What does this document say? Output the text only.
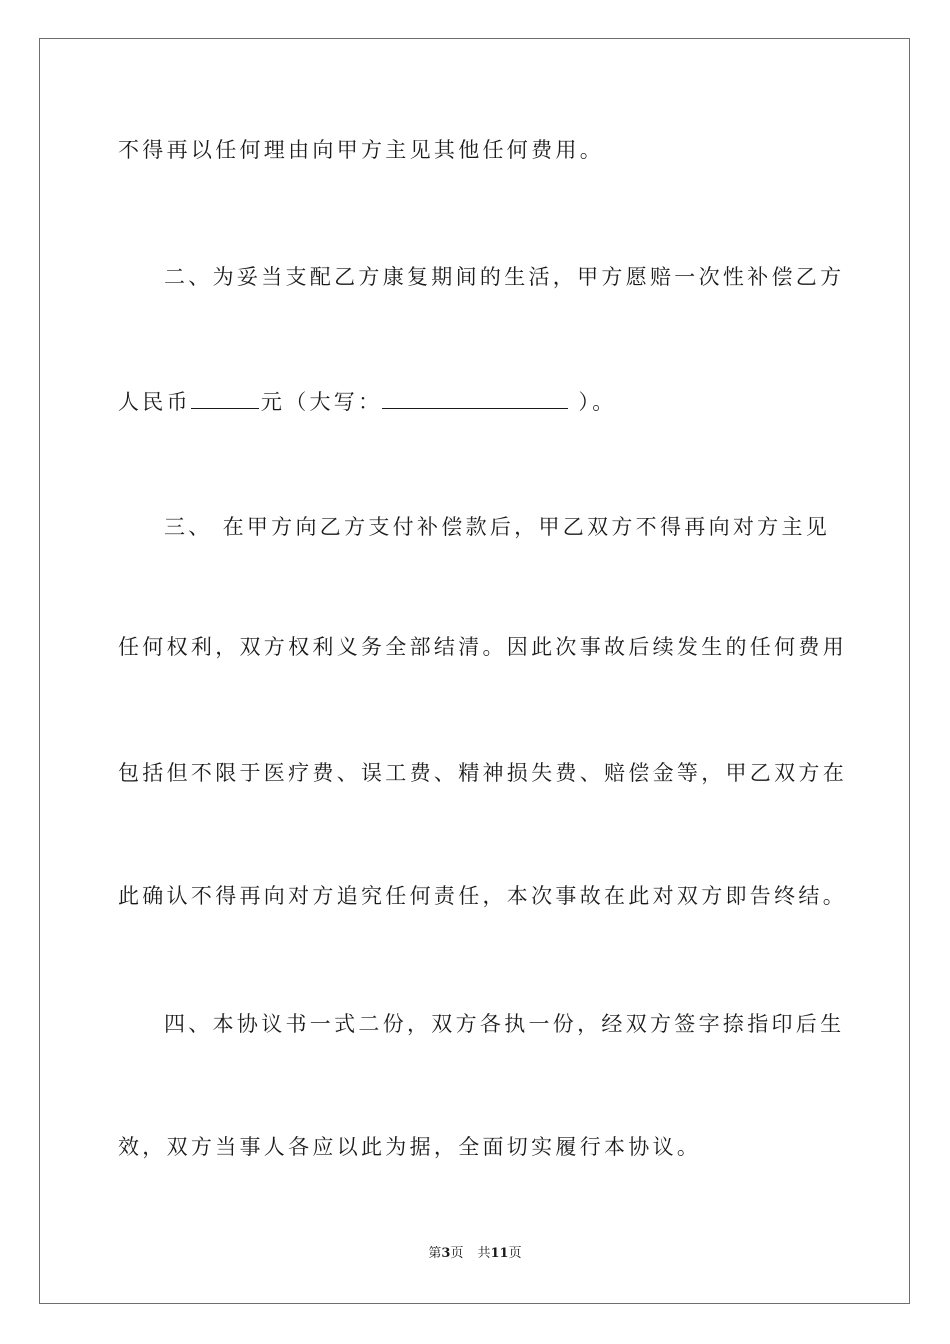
不得再以任何理由向甲方主见其他任何费用。
二、为妥当支配乙方康复期间的生活，甲方愿赔一次性补偿乙方
人民币	元（大写：	）。
三、 在甲方向乙方支付补偿款后，甲乙双方不得再向对方主见
任何权利，双方权利义务全部结清。因此次事故后续发生的任何费用
包括但不限于医疗费、误工费、精神损失费、赔偿金等，甲乙双方在
此确认不得再向对方追究任何责任，本次事故在此对双方即告终结。
四、本协议书一式二份，双方各执一份，经双方签字捺指印后生
效，双方当事人各应以此为据，全面切实履行本协议。
第3页 共11页
